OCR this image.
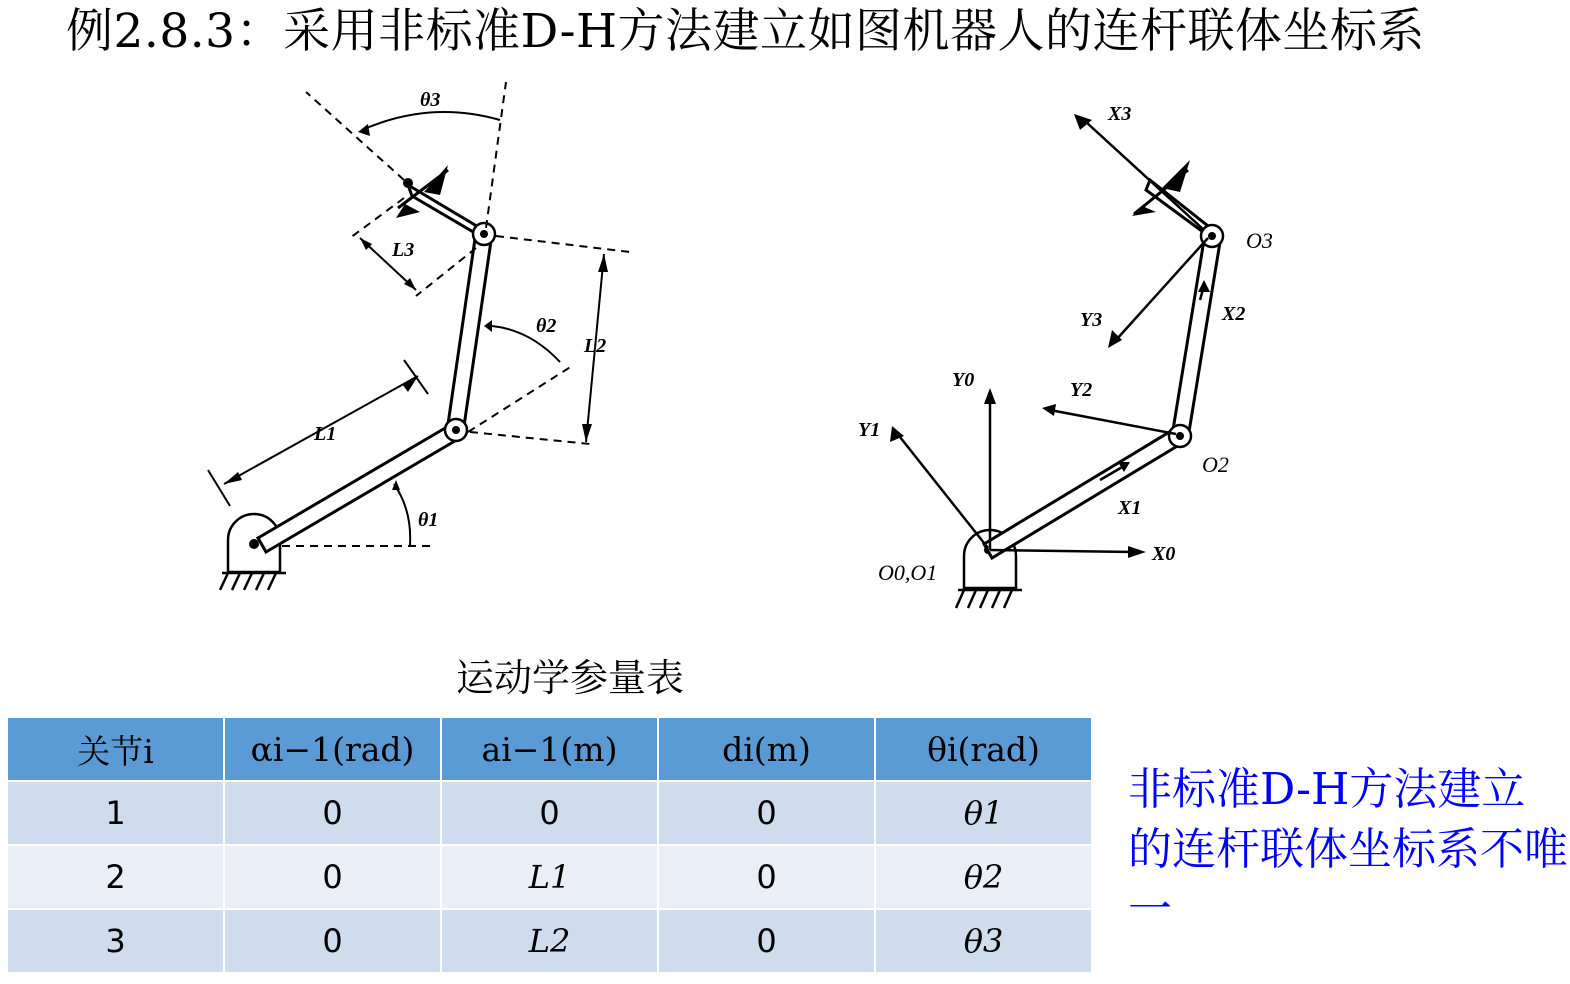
例2.8.3：采用非标准D-H方法建立如图机器人的连杆联体坐标系
θ1
θ2
θ3
L1
L2
L3
X0
Y0
X1
Y1
X2
Y2
X3
Y3
O0,O1
O2
O3
运动学参量表
关节i	αi−1(rad)	ai−1(m)	di(m)	θi(rad)
1	0	0	0	θ1
2	0	L1	0	θ2
3	0	L2	0	θ3
非标准D-H方法建立的连杆联体坐标系不唯一
